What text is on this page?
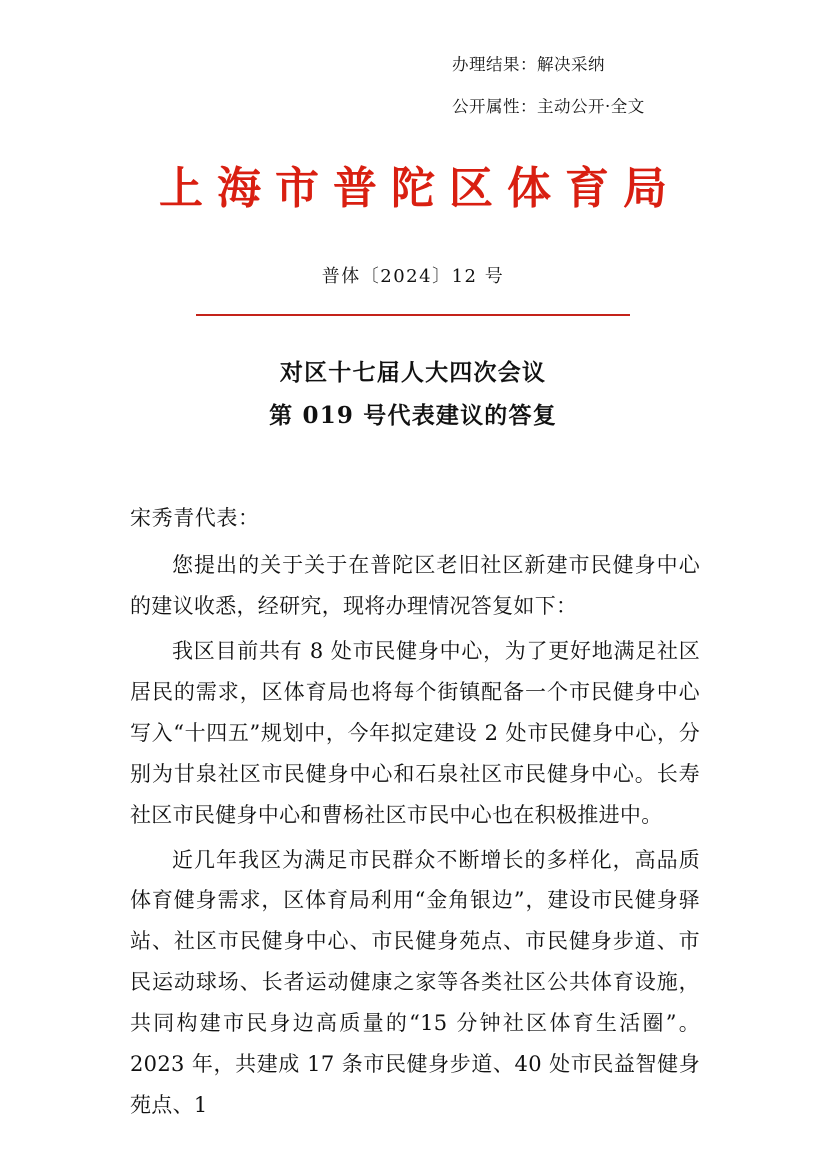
办理结果：解决采纳
公开属性：主动公开·全文
上海市普陀区体育局
普体〔2024〕12 号
对区十七届人大四次会议
第 019 号代表建议的答复

宋秀青代表：

您提出的关于关于在普陀区老旧社区新建市民健身中心的建议收悉，经研究，现将办理情况答复如下：

我区目前共有 8 处市民健身中心，为了更好地满足社区居民的需求，区体育局也将每个街镇配备一个市民健身中心写入“十四五”规划中，今年拟定建设 2 处市民健身中心，分别为甘泉社区市民健身中心和石泉社区市民健身中心。长寿社区市民健身中心和曹杨社区市民中心也在积极推进中。

近几年我区为满足市民群众不断增长的多样化，高品质体育健身需求，区体育局利用“金角银边”，建设市民健身驿站、社区市民健身中心、市民健身苑点、市民健身步道、市民运动球场、长者运动健康之家等各类社区公共体育设施，共同构建市民身边高质量的“15 分钟社区体育生活圈”。2023 年，共建成 17 条市民健身步道、40 处市民益智健身苑点、1
